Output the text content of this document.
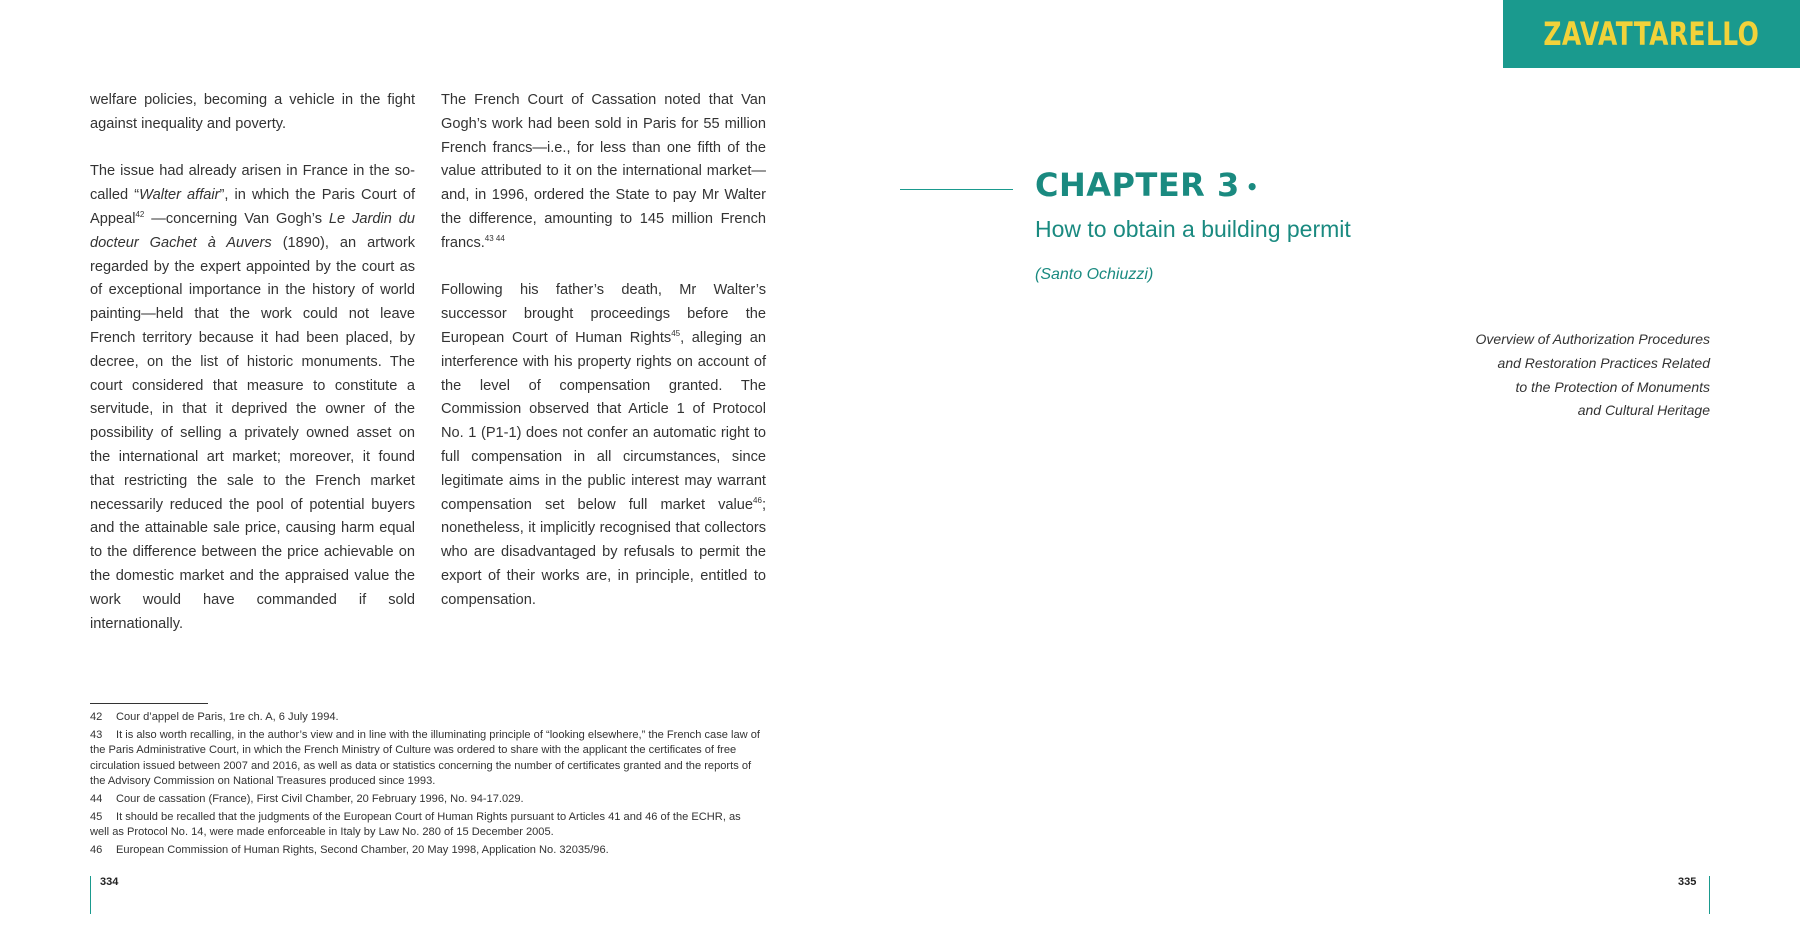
welfare policies, becoming a vehicle in the fight against inequality and poverty.

The issue had already arisen in France in the so-called “Walter affair”, in which the Paris Court of Appeal$^{42}$ —concerning Van Gogh’s Le Jardin du docteur Gachet à Auvers (1890), an artwork regarded by the expert appointed by the court as of exceptional importance in the history of world painting—held that the work could not leave French territory because it had been placed, by decree, on the list of historic monuments. The court considered that measure to constitute a servitude, in that it deprived the owner of the possibility of selling a privately owned asset on the international art market; moreover, it found that restricting the sale to the French market necessarily reduced the pool of potential buyers and the attainable sale price, causing harm equal to the difference between the price achievable on the domestic market and the appraised value the work would have commanded if sold internationally.

The French Court of Cassation noted that Van Gogh’s work had been sold in Paris for 55 million French francs—i.e., for less than one fifth of the value attributed to it on the international market—and, in 1996, ordered the State to pay Mr Walter the difference, amounting to 145 million French francs.$^{43 44}$

Following his father’s death, Mr Walter’s successor brought proceedings before the European Court of Human Rights$^{45}$, alleging an interference with his property rights on account of the level of compensation granted. The Commission observed that Article 1 of Protocol No. 1 (P1-1) does not confer an automatic right to full compensation in all circumstances, since legitimate aims in the public interest may warrant compensation set below full market value$^{46}$; nonetheless, it implicitly recognised that collectors who are disadvantaged by refusals to permit the export of their works are, in principle, entitled to compensation.

42 Cour d’appel de Paris, 1re ch. A, 6 July 1994.
43 It is also worth recalling, in the author’s view and in line with the illuminating principle of “looking elsewhere,” the French case law of the Paris Administrative Court, in which the French Ministry of Culture was ordered to share with the applicant the certificates of free circulation issued between 2007 and 2016, as well as data or statistics concerning the number of certificates granted and the reports of the Advisory Commission on National Treasures produced since 1993.
44 Cour de cassation (France), First Civil Chamber, 20 February 1996, No. 94-17.029.
45 It should be recalled that the judgments of the European Court of Human Rights pursuant to Articles 41 and 46 of the ECHR, as well as Protocol No. 14, were made enforceable in Italy by Law No. 280 of 15 December 2005.
46 European Commission of Human Rights, Second Chamber, 20 May 1998, Application No. 32035/96.
334
ZAVATTARELLO
CHAPTER 3 •
How to obtain a building permit
(Santo Ochiuzzi)
Overview of Authorization Procedures
and Restoration Practices Related
to the Protection of Monuments
and Cultural Heritage
335
